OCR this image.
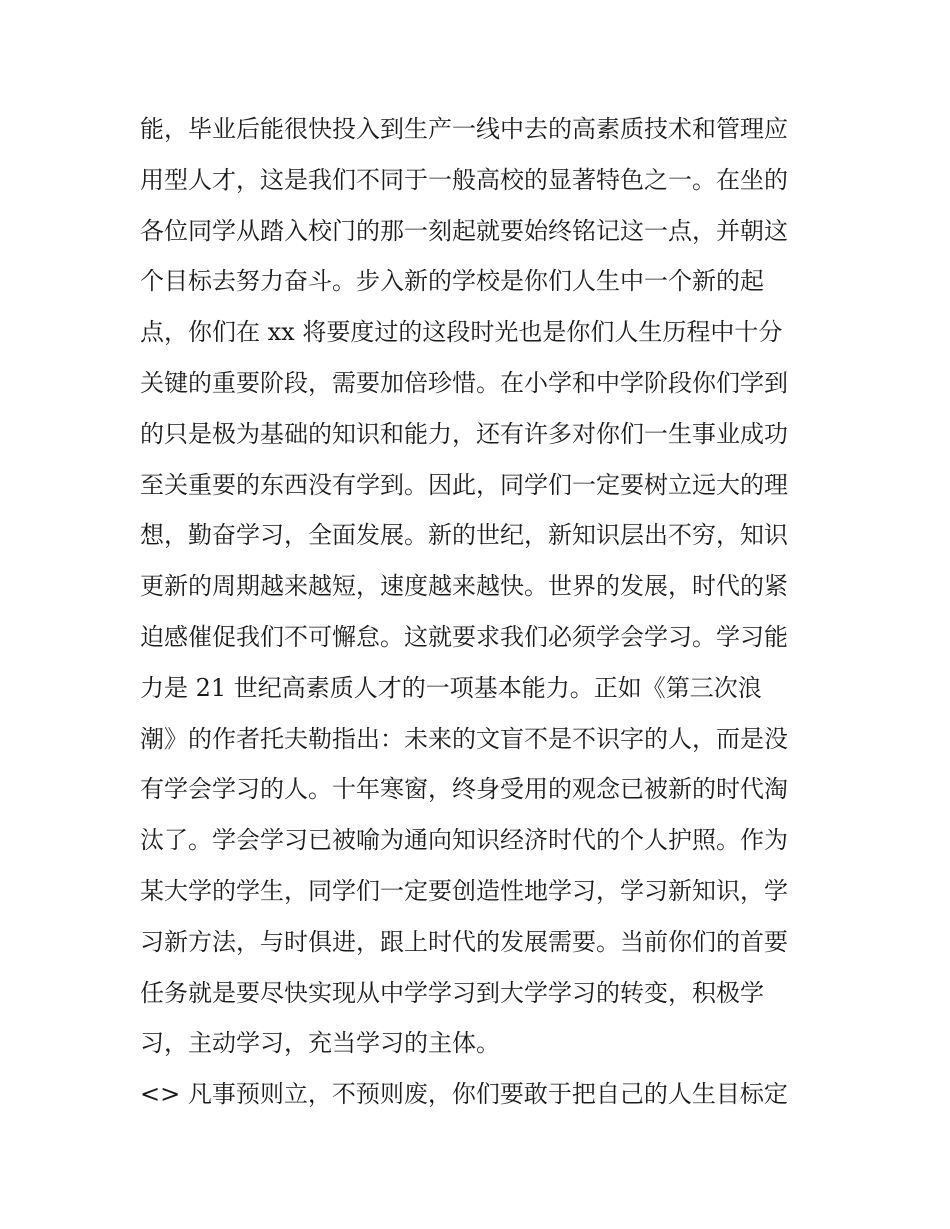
能，毕业后能很快投入到生产一线中去的高素质技术和管理应
用型人才，这是我们不同于一般高校的显著特色之一。在坐的
各位同学从踏入校门的那一刻起就要始终铭记这一点，并朝这
个目标去努力奋斗。步入新的学校是你们人生中一个新的起
点，你们在 xx 将要度过的这段时光也是你们人生历程中十分
关键的重要阶段，需要加倍珍惜。在小学和中学阶段你们学到
的只是极为基础的知识和能力，还有许多对你们一生事业成功
至关重要的东西没有学到。因此，同学们一定要树立远大的理
想，勤奋学习，全面发展。新的世纪，新知识层出不穷，知识
更新的周期越来越短，速度越来越快。世界的发展，时代的紧
迫感催促我们不可懈怠。这就要求我们必须学会学习。学习能
力是 21 世纪高素质人才的一项基本能力。正如《第三次浪
潮》的作者托夫勒指出：未来的文盲不是不识字的人，而是没
有学会学习的人。十年寒窗，终身受用的观念已被新的时代淘
汰了。学会学习已被喻为通向知识经济时代的个人护照。作为
某大学的学生，同学们一定要创造性地学习，学习新知识，学
习新方法，与时俱进，跟上时代的发展需要。当前你们的首要
任务就是要尽快实现从中学学习到大学学习的转变，积极学
习，主动学习，充当学习的主体。
<> 凡事预则立，不预则废，你们要敢于把自己的人生目标定
